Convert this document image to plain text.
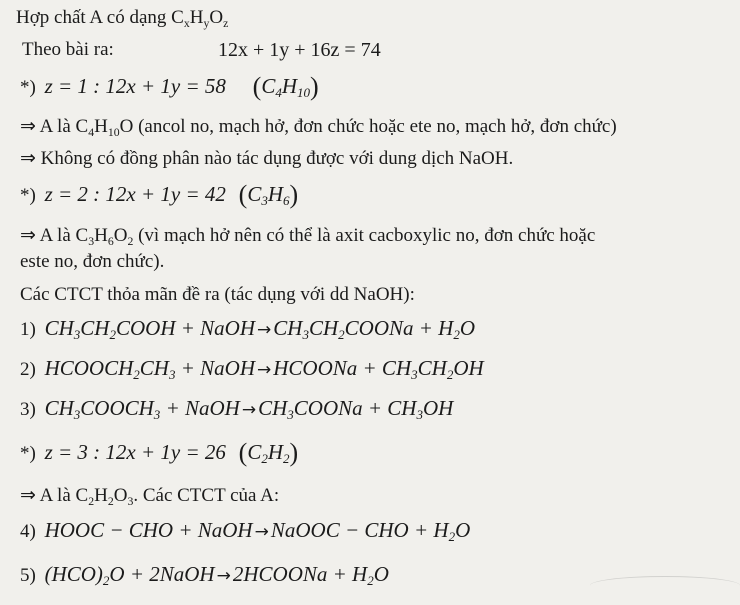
Hợp chất A có dạng $C_xH_yO_z$
Theo bài ra:	12x + 1y + 16z = 74
*) z = 1 : 12x + 1y = 58 $(C_4H_{10})$
⇒ A là $C_4H_{10}O$ (ancol no, mạch hở, đơn chức hoặc ete no, mạch hở, đơn chức)
⇒ Không có đồng phân nào tác dụng được với dung dịch NaOH.
*) z = 2 : 12x + 1y = 42 $(C_3H_6)$
⇒ A là $C_3H_6O_2$ (vì mạch hở nên có thể là axit cacboxylic no, đơn chức hoặc
este no, đơn chức).
Các CTCT thỏa mãn đề ra (tác dụng với dd NaOH):
1) $CH_3CH_2COOH$ + NaOH $\to CH_3CH_2COONa + H_2O$
2) $HCOOCH_2CH_3$ + NaOH →HCOONa + $CH_3CH_2OH$
3) $CH_3COOCH_3$ + NaOH $\to CH_3COONa + CH_3OH$
*) z = 3 : 12x + 1y = 26 $(C_2H_2)$
⇒ A là $C_2H_2O_3$. Các CTCT của A:
4) HOOC − CHO + NaOH →NaOOC − CHO + $H_2O$
5) $(HCO)_2O$ + 2NaOH →2HCOONa + $H_2O$
